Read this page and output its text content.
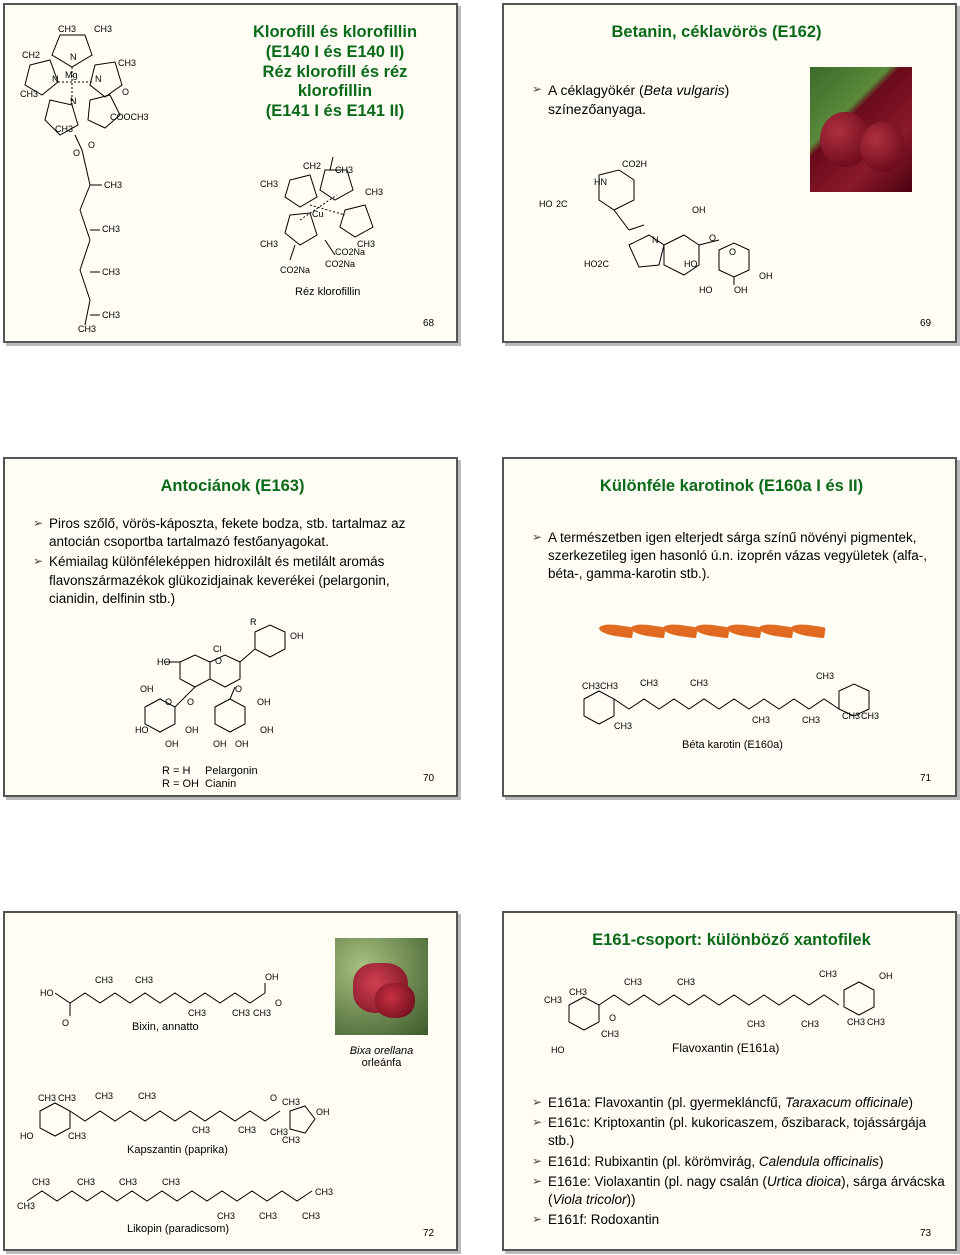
Klorofill és klorofillin
(E140 I és E140 II)
Réz klorofill és réz
klorofillin
(E141 I és E141 II)
CH3 CH3
CH2
CH3
CH3
Mg
N	N
N
N
O
COOCH3
CH3
O
O
CH3
CH3
CH3
CH3
CH3
CH3
CH2 CH3
CH3
Cu
CH3	CH3
CO2Na
CO2Na
CO2Na
Réz klorofillin
68
Betanin, céklavörös (E162)
➢ A céklagyökér (Beta vulgaris)
színezőanyaga.
HO 2C
HN
CO2H
OH
N	O
O
HO2C	HO
OH
HO OH
69
Antociánok (E163)
➢ Piros szőlő, vörös-káposzta, fekete bodza, stb. tartalmaz az antocián csoportba tartalmazó festőanyagokat.
➢ Kémiailag különféleképpen hidroxilált és metilált aromás flavonszármazékok glükozidjainak keverékei (pelargonin, cianidin, delfinin stb.)
R
OH
Cl
HO	O
O
OH
O
O	OH
HO	OH	OH
OH	OH OH
R = H Pelargonin
R = OH Cianin	70
Különféle karotinok (E160a I és II)
➢ A természetben igen elterjedt sárga színű növényi pigmentek, szerkezetileg igen hasonló ú.n. izoprén vázas vegyületek (alfa-, béta-, gamma-karotin stb.).
CH3 CH3 CH3	CH3
CH3
CH3
CH3	CH3 CH3 CH3
Béta karotin (E160a)
71
HO
O
CH3 CH3
CH3	CH3 CH3
OH
O
Bixin, annatto
Bixa orellana
orleánfa
CH3 CH3 CH3	CH3
HO	CH3
CH3	CH3 CH3
CH3
O CH3
OH
Kapszantin (paprika)
CH3
CH3
CH3	CH3	CH3
CH3	CH3	CH3
CH3
Likopin (paradicsom)	72
E161-csoport: különböző xantofilek
CH3
CH3
CH3	CH3
CH3	OH
O
CH3
CH3	CH3	CH3 CH3
HO	Flavoxantin (E161a)
➢ E161a: Flavoxantin (pl. gyermekláncfű, Taraxacum officinale)
➢ E161c: Kriptoxantin (pl. kukoricaszem, őszibarack, tojássárgája stb.)
➢ E161d: Rubixantin (pl. körömvirág, Calendula officinalis)
➢ E161e: Violaxantin (pl. nagy csalán (Urtica dioica), sárga árvácska (Viola tricolor))
➢ E161f: Rodoxantin
73
